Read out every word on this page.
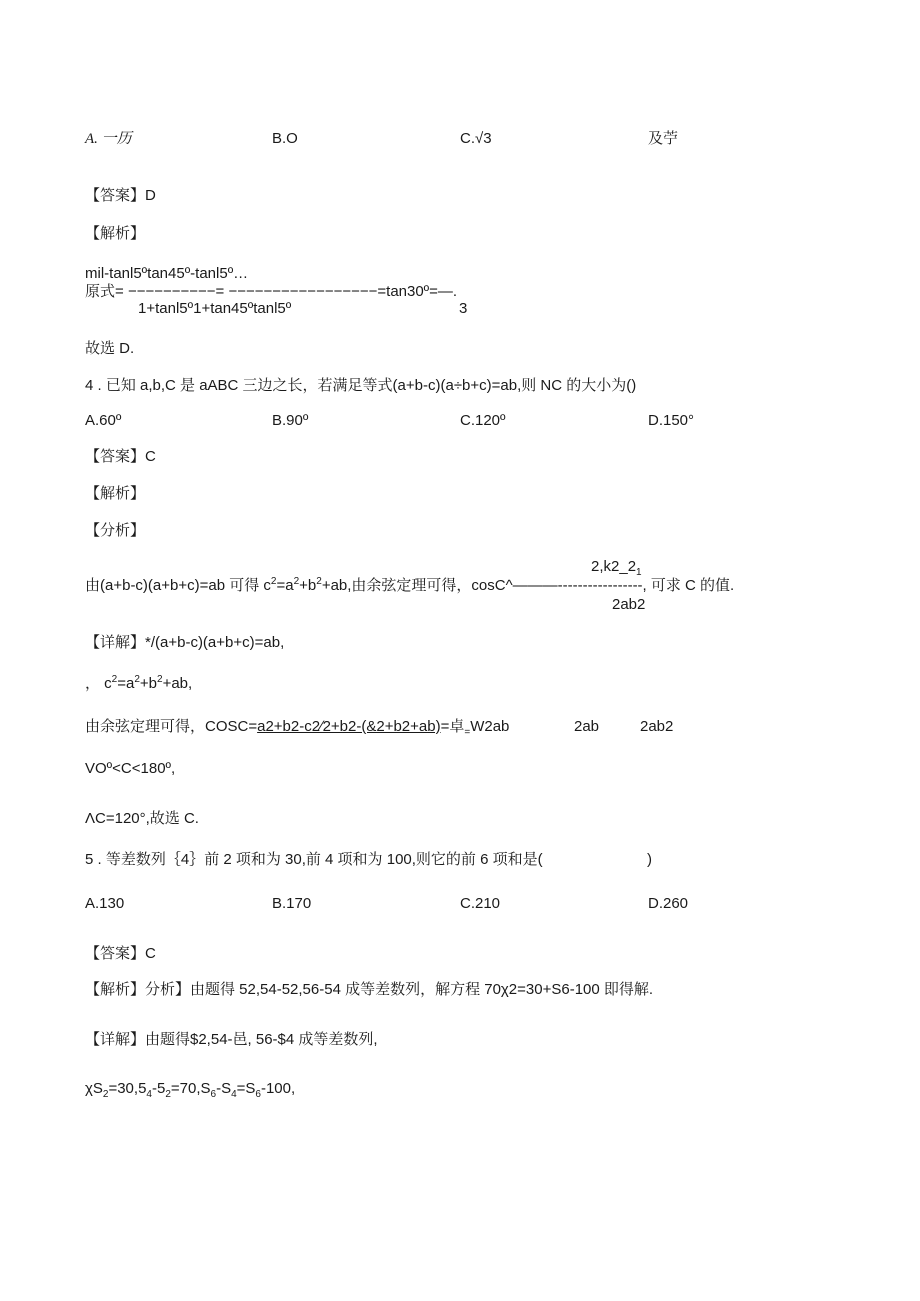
A. 一历	B.O	C.√3	及苧
【答案】D
【解析】
mil-tanl5ºtan45º-tanl5º…
原式= −−−−−−−−−−= −−−−−−−−−−−−−−−−−=tan30º=—.
1+tanl5º1+tan45ºtanl5º	3
故选 D.
4 . 已知 a,b,C 是 aABC 三边之长，若满足等式(a+b-c)(a÷b+c)=ab,则 NC 的大小为()
A.60º	B.90º	C.120º	D.150°
【答案】C
【解析】
【分析】
$2,k2\_2_1$
由(a+b-c)(a+b+c)=ab 可得 $c^2=a^2+b^2+ab$,由余弦定理可得，cosC^———-----------------, 可求 C 的值.
2ab2
【详解】*/(a+b-c)(a+b+c)=ab,
， $c^2=a^2+b^2+ab$,
由余弦定理可得，COSC=a2+b2-c2∕2+b2-(&2+b2+ab)=卓$_=$W2ab	2ab	2ab2
VOº<C<180º,
ΛC=120°,故选 C.
5 . 等差数列｛4｝前 2 项和为 30,前 4 项和为 100,则它的前 6 项和是(	)
A.130	B.170	C.210	D.260
【答案】C
【解析】分析】由题得 52,54-52,56-54 成等差数列，解方程 70χ2=30+S6-100 即得解.
【详解】由题得$2,54-邑, 56-$4 成等差数列,
$\chi S_2=30,5_4-5_2=70,S_6-S_4=S_6-100$,
